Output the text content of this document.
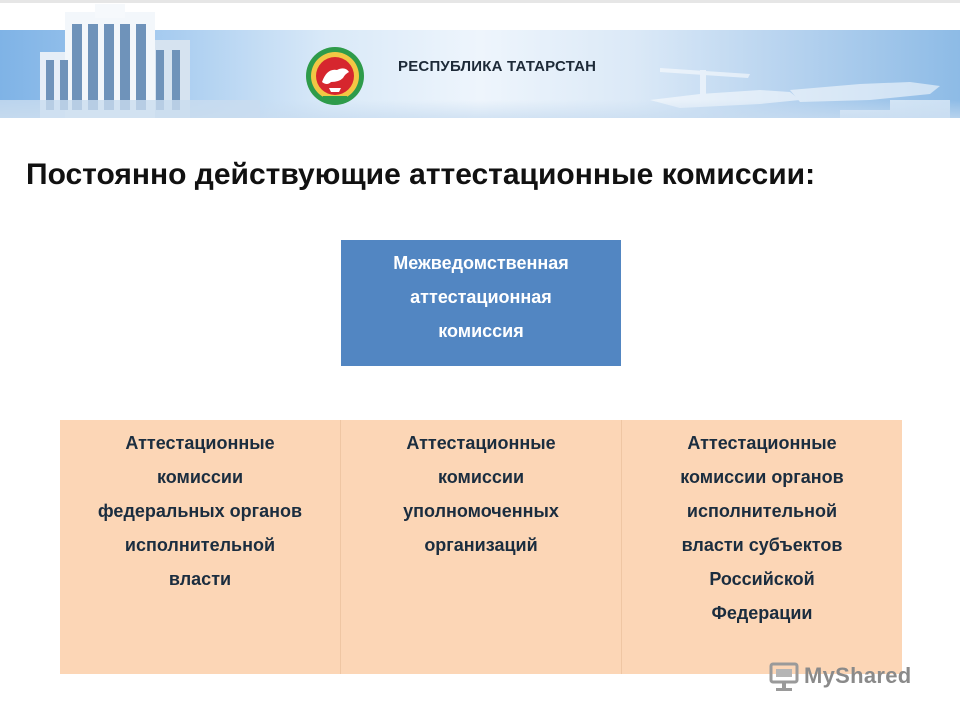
РЕСПУБЛИКА ТАТАРСТАН
Постоянно действующие аттестационные комиссии:
Межведомственная
аттестационная
комиссия
Аттестационные
комиссии
федеральных органов
исполнительной
власти
Аттестационные
комиссии
уполномоченных
организаций
Аттестационные
комиссии органов
исполнительной
власти субъектов
Российской
Федерации
MyShared
